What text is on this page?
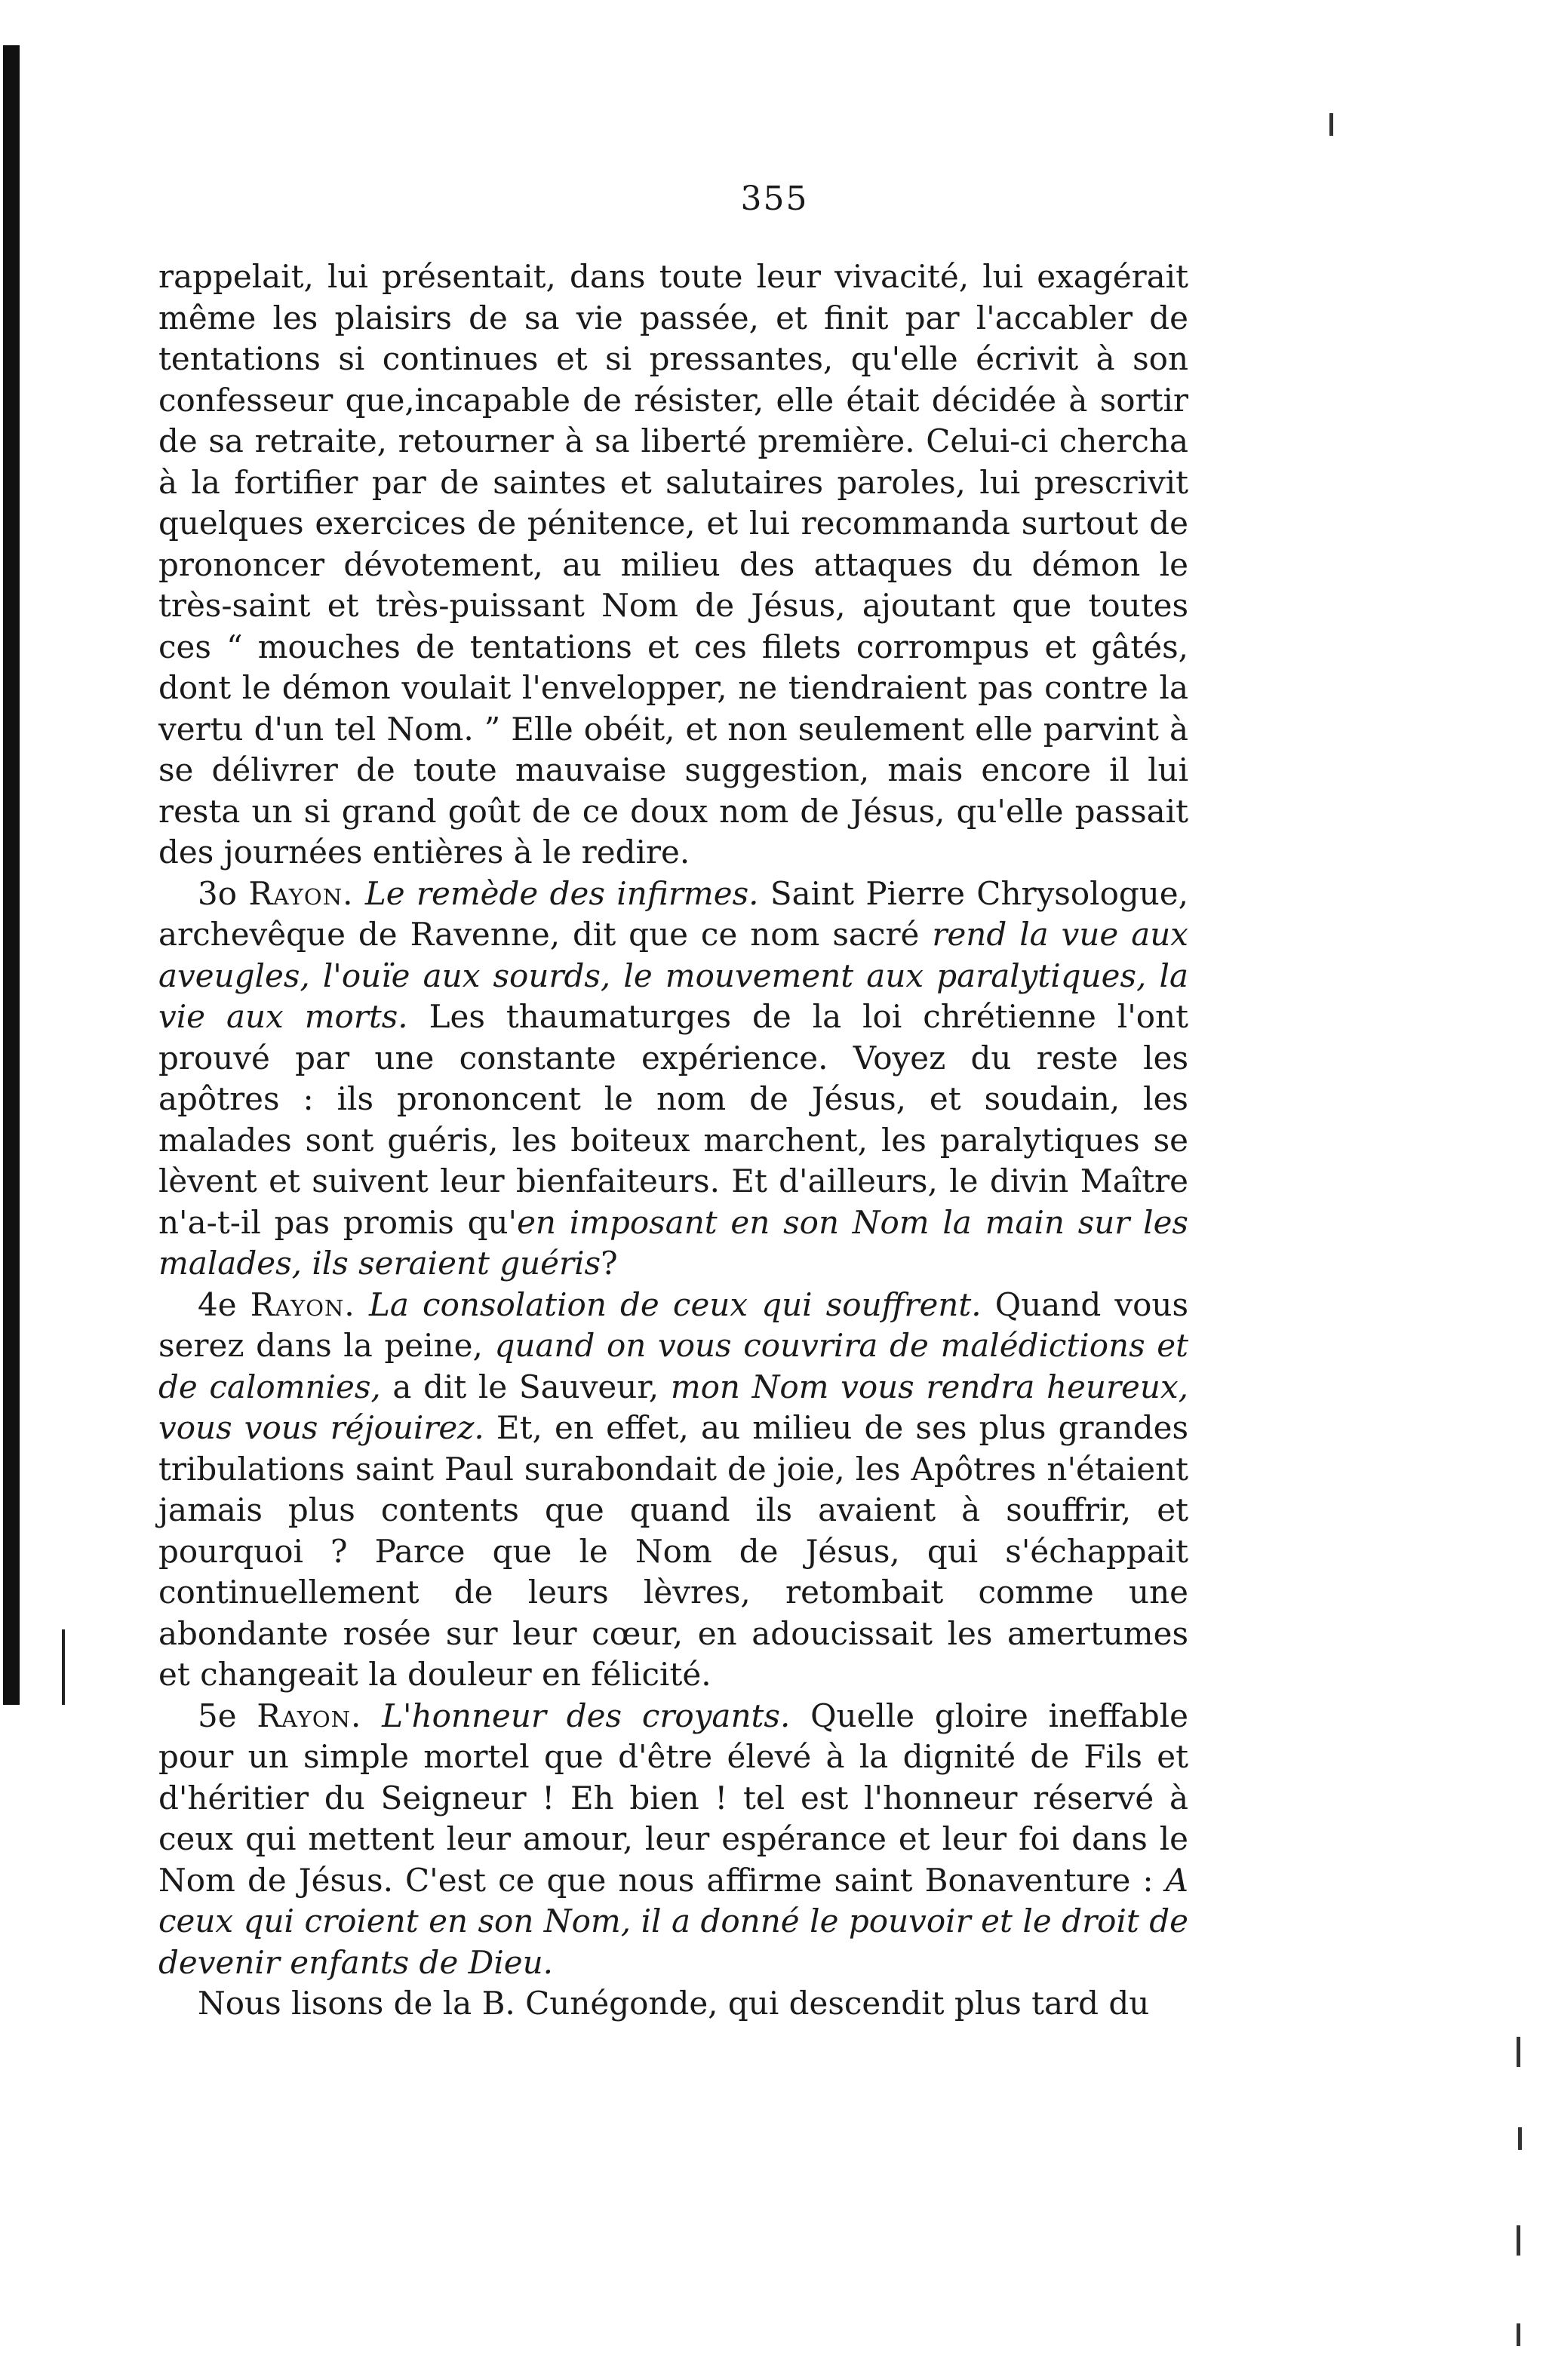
355

rappelait, lui présentait, dans toute leur vivacité, lui exagérait même les plaisirs de sa vie passée, et finit par l'accabler de tentations si continues et si pressantes, qu'elle écrivit à son confesseur que,incapable de résister, elle était décidée à sortir de sa retraite, retourner à sa liberté première. Celui-ci chercha à la fortifier par de saintes et salutaires paroles, lui prescrivit quelques exercices de pénitence, et lui recommanda surtout de prononcer dévotement, au milieu des attaques du démon le très-saint et très-puissant Nom de Jésus, ajoutant que toutes ces “ mouches de tentations et ces filets corrompus et gâtés, dont le démon voulait l'envelopper, ne tiendraient pas contre la vertu d'un tel Nom. ” Elle obéit, et non seulement elle parvint à se délivrer de toute mauvaise suggestion, mais encore il lui resta un si grand goût de ce doux nom de Jésus, qu'elle passait des journées entières à le redire.

3o Rayon. Le remède des infirmes. Saint Pierre Chrysologue, archevêque de Ravenne, dit que ce nom sacré rend la vue aux aveugles, l'ouïe aux sourds, le mouvement aux paralytiques, la vie aux morts. Les thaumaturges de la loi chrétienne l'ont prouvé par une constante expérience. Voyez du reste les apôtres : ils prononcent le nom de Jésus, et soudain, les malades sont guéris, les boiteux marchent, les paralytiques se lèvent et suivent leur bienfaiteurs. Et d'ailleurs, le divin Maître n'a-t-il pas promis qu'en imposant en son Nom la main sur les malades, ils seraient guéris?

4e Rayon. La consolation de ceux qui souffrent. Quand vous serez dans la peine, quand on vous couvrira de malédictions et de calomnies, a dit le Sauveur, mon Nom vous rendra heureux, vous vous réjouirez. Et, en effet, au milieu de ses plus grandes tribulations saint Paul surabondait de joie, les Apôtres n'étaient jamais plus contents que quand ils avaient à souffrir, et pourquoi ? Parce que le Nom de Jésus, qui s'échappait continuellement de leurs lèvres, retombait comme une abondante rosée sur leur cœur, en adoucissait les amertumes et changeait la douleur en félicité.

5e Rayon. L'honneur des croyants. Quelle gloire ineffable pour un simple mortel que d'être élevé à la dignité de Fils et d'héritier du Seigneur ! Eh bien ! tel est l'honneur réservé à ceux qui mettent leur amour, leur espérance et leur foi dans le Nom de Jésus. C'est ce que nous affirme saint Bonaventure : A ceux qui croient en son Nom, il a donné le pouvoir et le droit de devenir enfants de Dieu.

Nous lisons de la B. Cunégonde, qui descendit plus tard du
